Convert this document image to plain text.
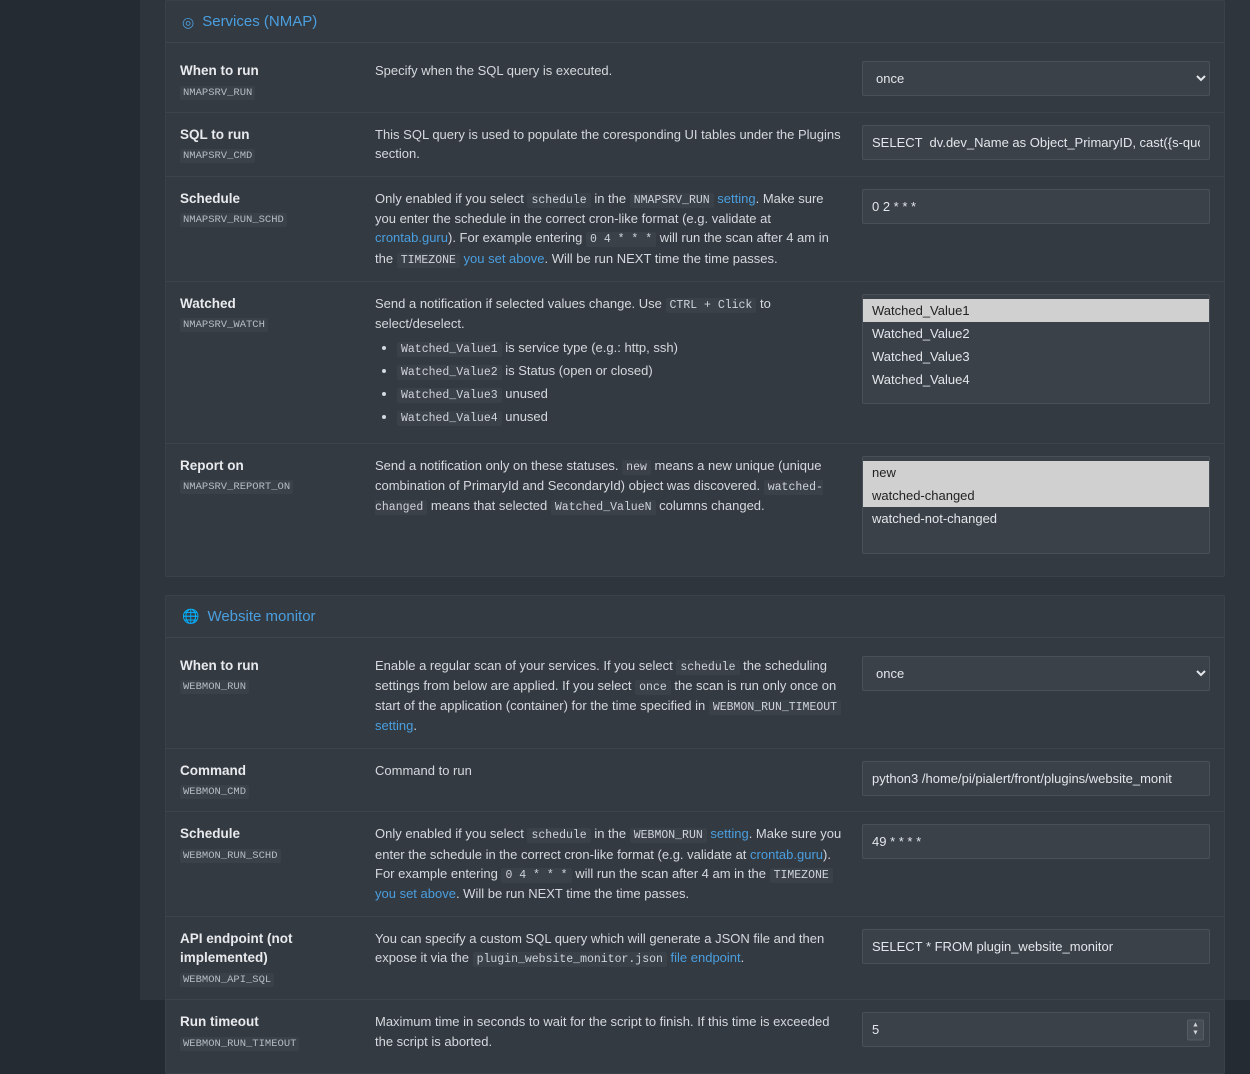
◎ Services (NMAP)
When to run
NMAPSRV_RUN
Specify when the SQL query is executed.
once
SQL to run
NMAPSRV_CMD
This SQL query is used to populate the coresponding UI tables under the Plugins section.
SELECT dv.dev_Name as Object_PrimaryID, cast({s-quo
Schedule
NMAPSRV_RUN_SCHD
Only enabled if you select schedule in the NMAPSRV_RUN setting. Make sure you enter the schedule in the correct cron-like format (e.g. validate at crontab.guru). For example entering 0 4 * * * will run the scan after 4 am in the TIMEZONE you set above. Will be run NEXT time the time passes.
0 2 * * *
Watched
NMAPSRV_WATCH
Send a notification if selected values change. Use CTRL + Click to select/deselect.
• Watched_Value1 is service type (e.g.: http, ssh)
• Watched_Value2 is Status (open or closed)
• Watched_Value3 unused
• Watched_Value4 unused
Watched_Value1
Watched_Value2
Watched_Value3
Watched_Value4
Report on
NMAPSRV_REPORT_ON
Send a notification only on these statuses. new means a new unique (unique combination of PrimaryId and SecondaryId) object was discovered. watched-changed means that selected Watched_ValueN columns changed.
new
watched-changed
watched-not-changed
🌐 Website monitor
When to run
WEBMON_RUN
Enable a regular scan of your services. If you select schedule the scheduling settings from below are applied. If you select once the scan is run only once on start of the application (container) for the time specified in WEBMON_RUN_TIMEOUT setting.
once
Command
WEBMON_CMD
Command to run
python3 /home/pi/pialert/front/plugins/website_monit
Schedule
WEBMON_RUN_SCHD
Only enabled if you select schedule in the WEBMON_RUN setting. Make sure you enter the schedule in the correct cron-like format (e.g. validate at crontab.guru). For example entering 0 4 * * * will run the scan after 4 am in the TIMEZONE you set above. Will be run NEXT time the time passes.
49 * * * *
API endpoint (not implemented)
WEBMON_API_SQL
You can specify a custom SQL query which will generate a JSON file and then expose it via the plugin_website_monitor.json file endpoint.
SELECT * FROM plugin_website_monitor
Run timeout
WEBMON_RUN_TIMEOUT
Maximum time in seconds to wait for the script to finish. If this time is exceeded the script is aborted.
5
▲
▼
